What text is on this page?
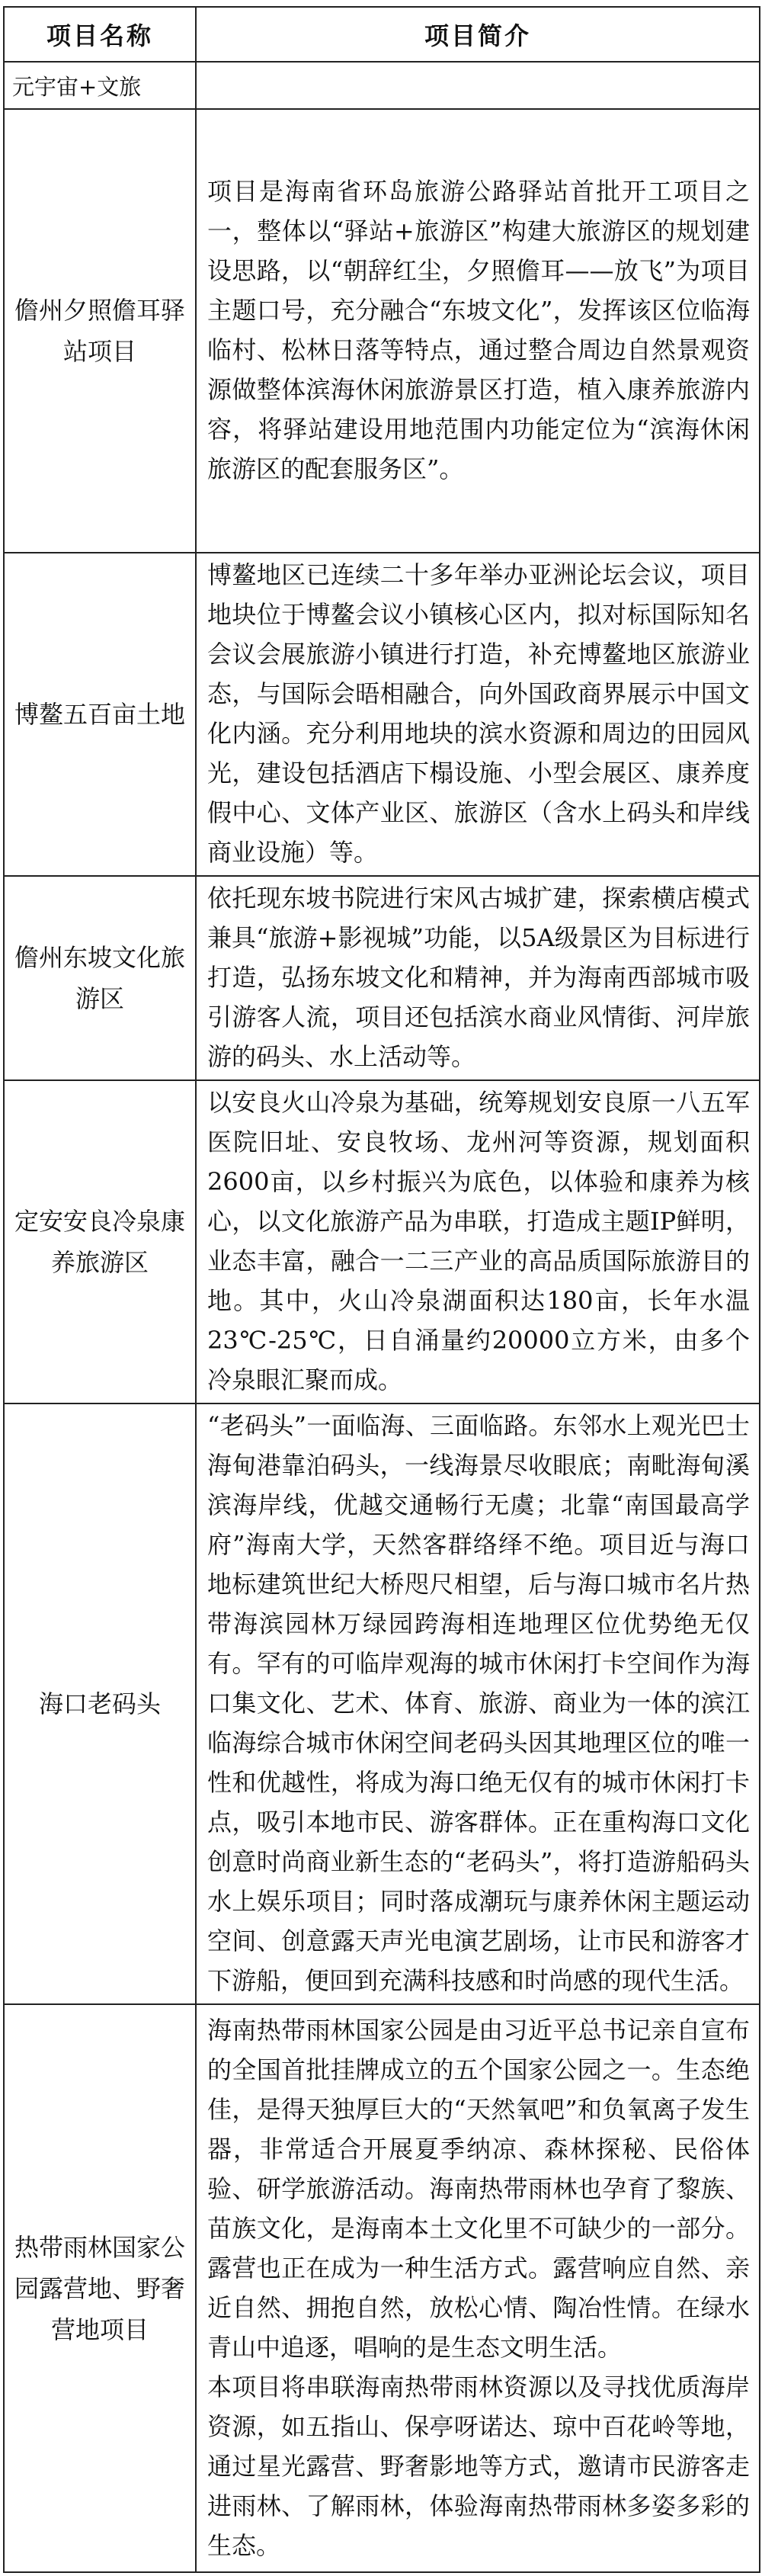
项目名称	项目简介
元宇宙+文旅	
儋州夕照儋耳驿站项目	项目是海南省环岛旅游公路驿站首批开工项目之一，整体以“驿站+旅游区”构建大旅游区的规划建设思路，以“朝辞红尘，夕照儋耳——放飞”为项目主题口号，充分融合“东坡文化”，发挥该区位临海临村、松林日落等特点，通过整合周边自然景观资源做整体滨海休闲旅游景区打造，植入康养旅游内容，将驿站建设用地范围内功能定位为“滨海休闲旅游区的配套服务区”。

博鳌五百亩土地	博鳌地区已连续二十多年举办亚洲论坛会议，项目地块位于博鳌会议小镇核心区内，拟对标国际知名会议会展旅游小镇进行打造，补充博鳌地区旅游业态，与国际会晤相融合，向外国政商界展示中国文化内涵。充分利用地块的滨水资源和周边的田园风光，建设包括酒店下榻设施、小型会展区、康养度假中心、文体产业区、旅游区（含水上码头和岸线商业设施）等。

儋州东坡文化旅游区	依托现东坡书院进行宋风古城扩建，探索横店模式兼具“旅游+影视城”功能，以5A级景区为目标进行打造，弘扬东坡文化和精神，并为海南西部城市吸引游客人流，项目还包括滨水商业风情街、河岸旅游的码头、水上活动等。

定安安良冷泉康养旅游区	以安良火山冷泉为基础，统筹规划安良原一八五军医院旧址、安良牧场、龙州河等资源，规划面积2600亩，以乡村振兴为底色，以体验和康养为核心，以文化旅游产品为串联，打造成主题IP鲜明，业态丰富，融合一二三产业的高品质国际旅游目的地。其中，火山冷泉湖面积达180亩，长年水温23℃-25℃，日自涌量约20000立方米，由多个冷泉眼汇聚而成。

海口老码头	“老码头”一面临海、三面临路。东邻水上观光巴士海甸港靠泊码头，一线海景尽收眼底；南毗海甸溪滨海岸线，优越交通畅行无虞；北靠“南国最高学府”海南大学，天然客群络绎不绝。项目近与海口地标建筑世纪大桥咫尺相望，后与海口城市名片热带海滨园林万绿园跨海相连地理区位优势绝无仅有。罕有的可临岸观海的城市休闲打卡空间作为海口集文化、艺术、体育、旅游、商业为一体的滨江临海综合城市休闲空间老码头因其地理区位的唯一性和优越性，将成为海口绝无仅有的城市休闲打卡点，吸引本地市民、游客群体。正在重构海口文化创意时尚商业新生态的“老码头”，将打造游船码头水上娱乐项目；同时落成潮玩与康养休闲主题运动空间、创意露天声光电演艺剧场，让市民和游客才下游船，便回到充满科技感和时尚感的现代生活。

热带雨林国家公园露营地、野奢营地项目	海南热带雨林国家公园是由习近平总书记亲自宣布的全国首批挂牌成立的五个国家公园之一。生态绝佳，是得天独厚巨大的“天然氧吧”和负氧离子发生器，非常适合开展夏季纳凉、森林探秘、民俗体验、研学旅游活动。海南热带雨林也孕育了黎族、苗族文化，是海南本土文化里不可缺少的一部分。露营也正在成为一种生活方式。露营响应自然、亲近自然、拥抱自然，放松心情、陶冶性情。在绿水青山中追逐，唱响的是生态文明生活。

本项目将串联海南热带雨林资源以及寻找优质海岸资源，如五指山、保亭呀诺达、琼中百花岭等地，通过星光露营、野奢影地等方式，邀请市民游客走进雨林、了解雨林，体验海南热带雨林多姿多彩的生态。
